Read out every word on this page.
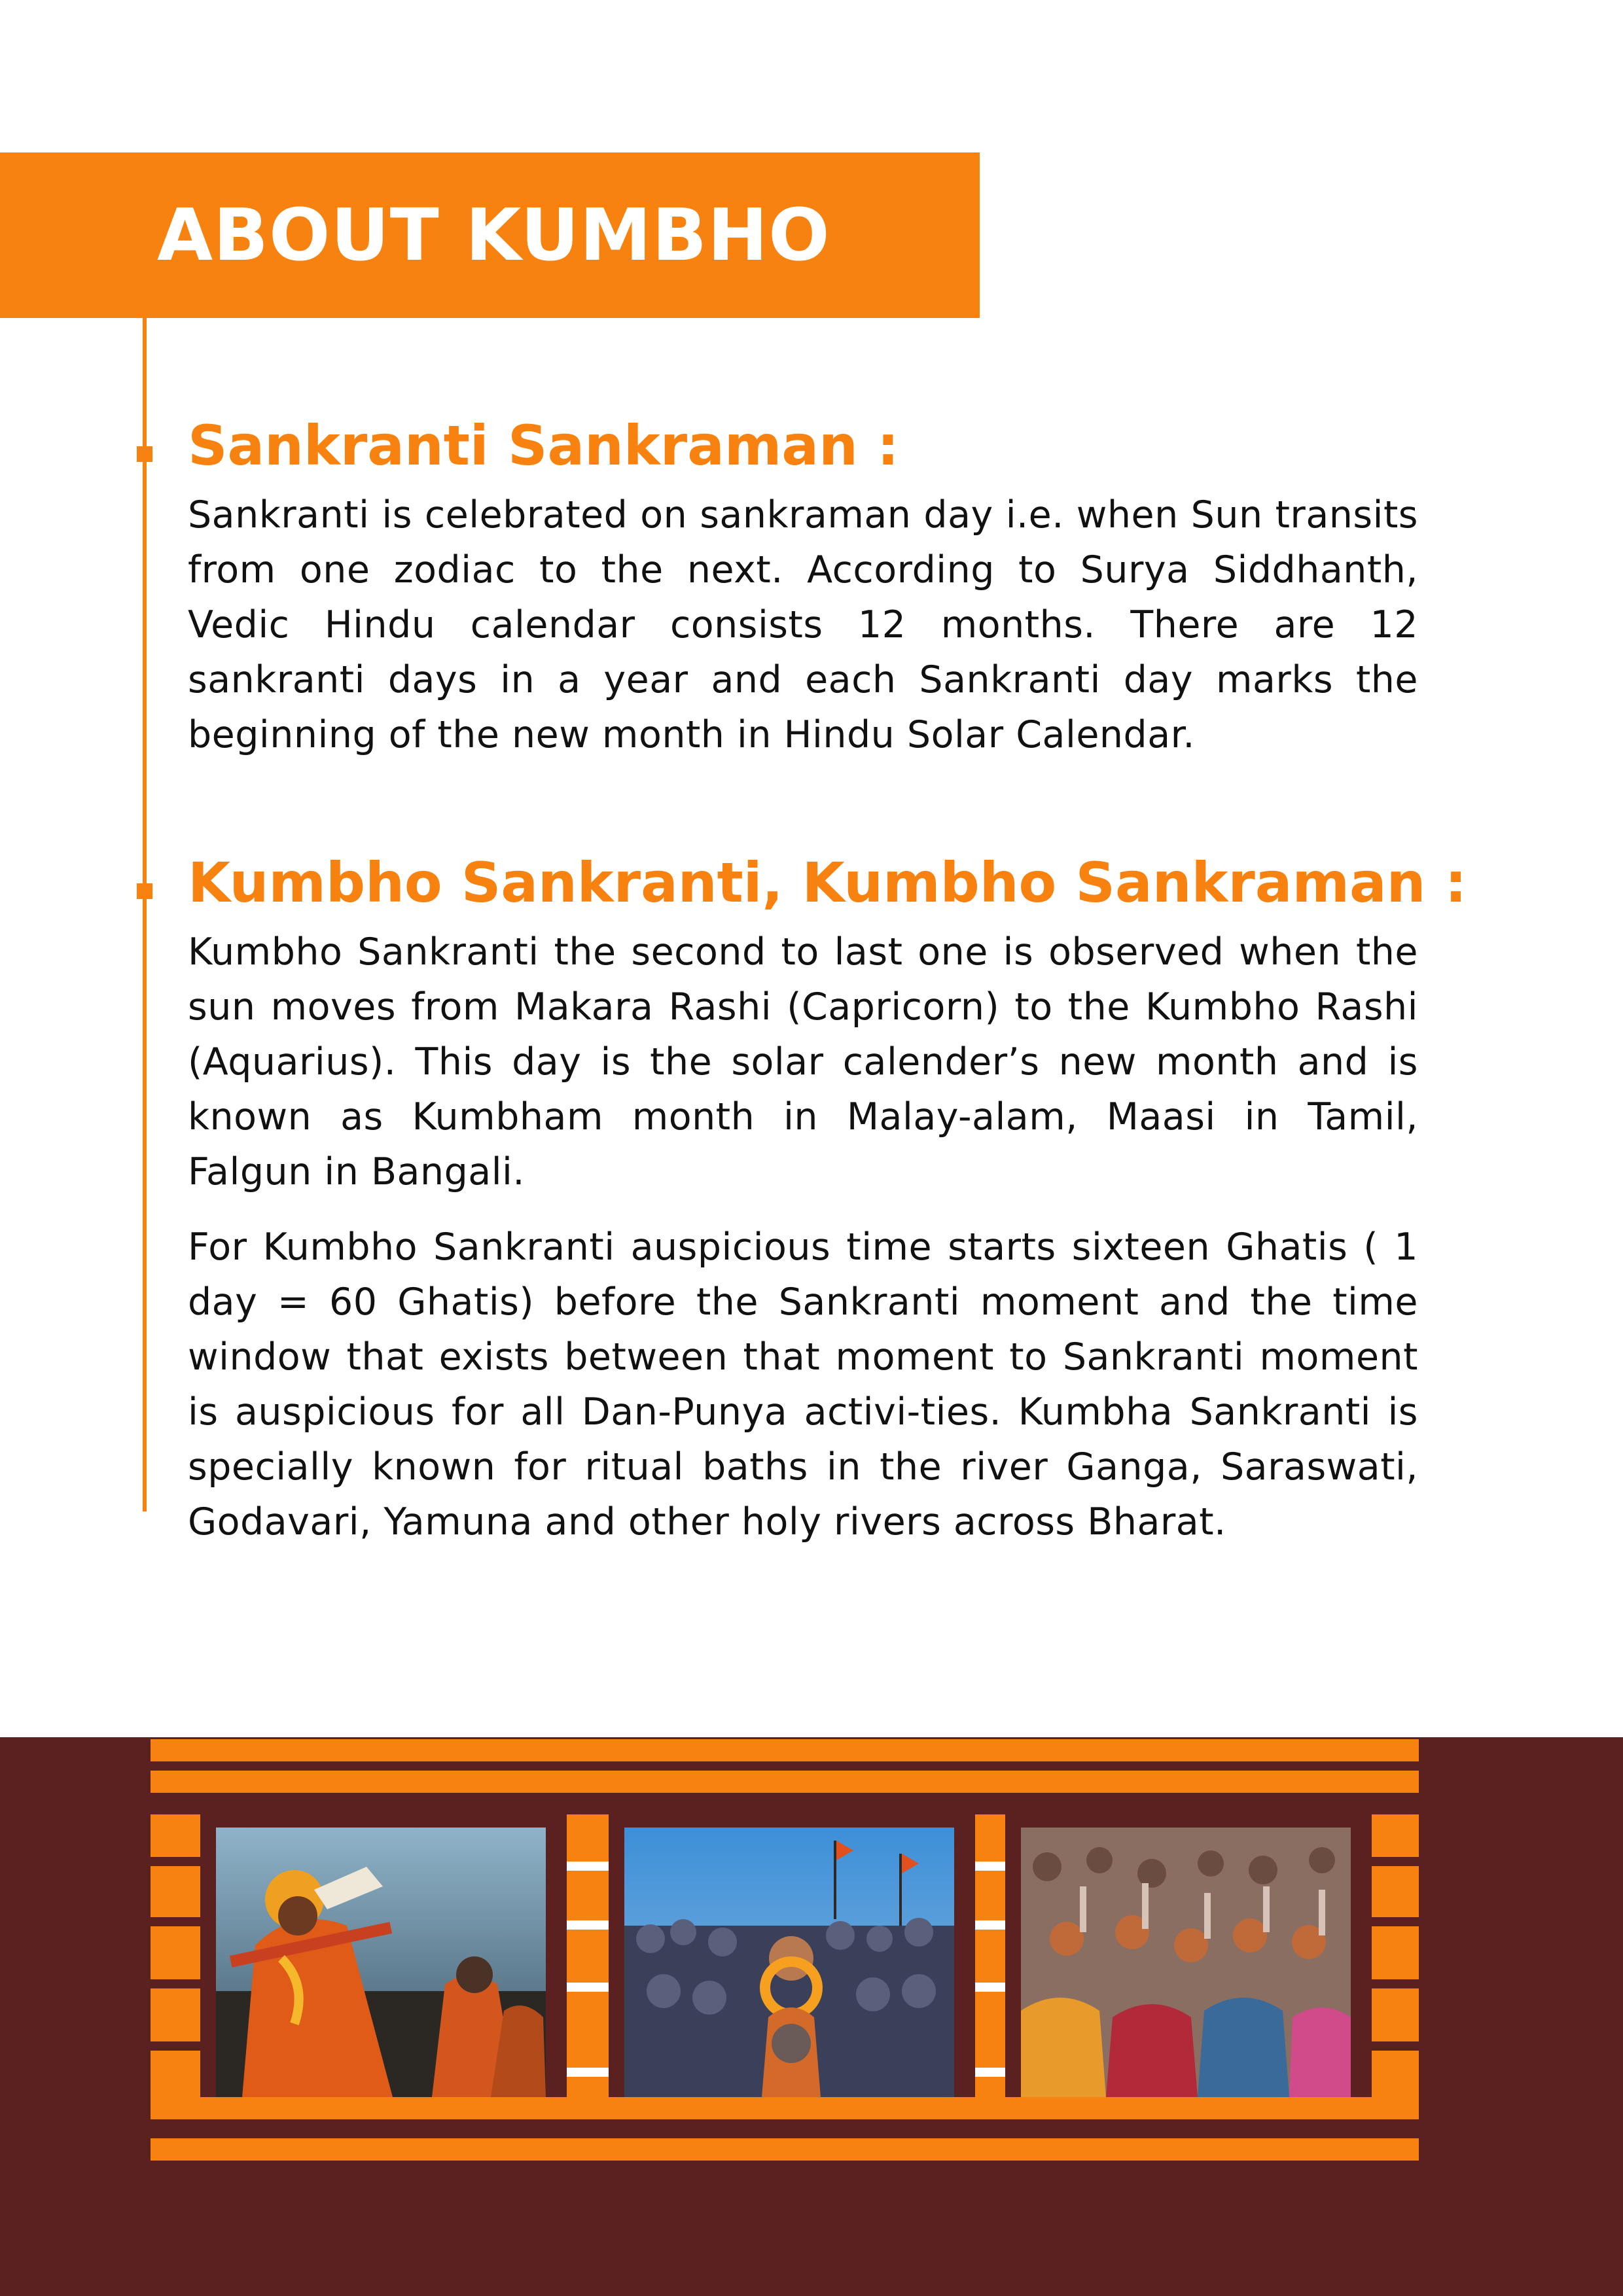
ABOUT KUMBHO
Sankranti Sankraman :

Sankranti is celebrated on sankraman day i.e. when Sun transits from one zodiac to the next. According to Surya Siddhanth, Vedic Hindu calendar consists 12 months. There are 12 sankranti days in a year and each Sankranti day marks the beginning of the new month in Hindu Solar Calendar.

Kumbho Sankranti, Kumbho Sankraman :

Kumbho Sankranti the second to last one is observed when the sun moves from Makara Rashi (Capricorn) to the Kumbho Rashi (Aquarius). This day is the solar calender’s new month and is known as Kumbham month in Malay-alam, Maasi in Tamil, Falgun in Bangali.

For Kumbho Sankranti auspicious time starts sixteen Ghatis ( 1 day = 60 Ghatis) before the Sankranti moment and the time window that exists between that moment to Sankranti moment is auspicious for all Dan-Punya activi-ties. Kumbha Sankranti is specially known for ritual baths in the river Ganga, Saraswati, Godavari, Yamuna and other holy rivers across Bharat.
